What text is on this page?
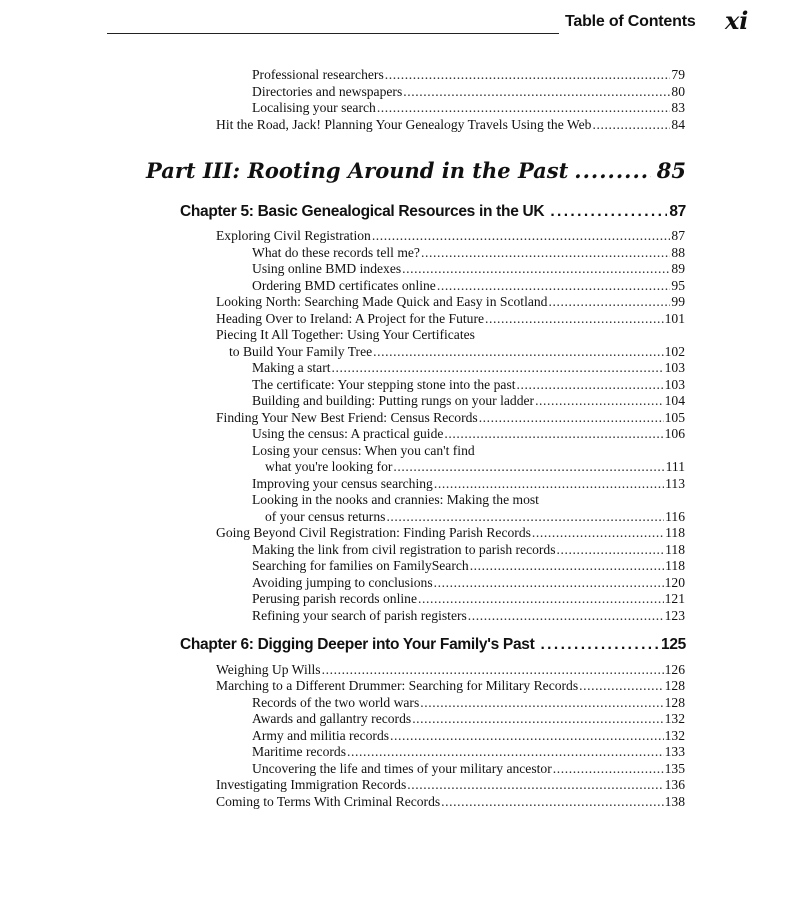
Table of Contents xi
Professional researchers .....	79
Directories and newspapers .....	80
Localising your search .....	83
Hit the Road, Jack! Planning Your Genealogy Travels Using the Web .....	84
Part III: Rooting Around in the Past .....	85
Chapter 5: Basic Genealogical Resources in the UK .....	87
Exploring Civil Registration .....	87
What do these records tell me? .....	88
Using online BMD indexes .....	89
Ordering BMD certificates online .....	95
Looking North: Searching Made Quick and Easy in Scotland .....	99
Heading Over to Ireland: A Project for the Future .....	101
Piecing It All Together: Using Your Certificates
to Build Your Family Tree .....	102
Making a start .....	103
The certificate: Your stepping stone into the past .....	103
Building and building: Putting rungs on your ladder .....	104
Finding Your New Best Friend: Census Records .....	105
Using the census: A practical guide .....	106
Losing your census: When you can't find
what you're looking for .....	111
Improving your census searching .....	113
Looking in the nooks and crannies: Making the most
of your census returns .....	116
Going Beyond Civil Registration: Finding Parish Records .....	118
Making the link from civil registration to parish records .....	118
Searching for families on FamilySearch .....	118
Avoiding jumping to conclusions .....	120
Perusing parish records online .....	121
Refining your search of parish registers .....	123
Chapter 6: Digging Deeper into Your Family's Past .....	125
Weighing Up Wills .....	126
Marching to a Different Drummer: Searching for Military Records .....	128
Records of the two world wars .....	128
Awards and gallantry records .....	132
Army and militia records .....	132
Maritime records .....	133
Uncovering the life and times of your military ancestor .....	135
Investigating Immigration Records .....	136
Coming to Terms With Criminal Records .....	138
